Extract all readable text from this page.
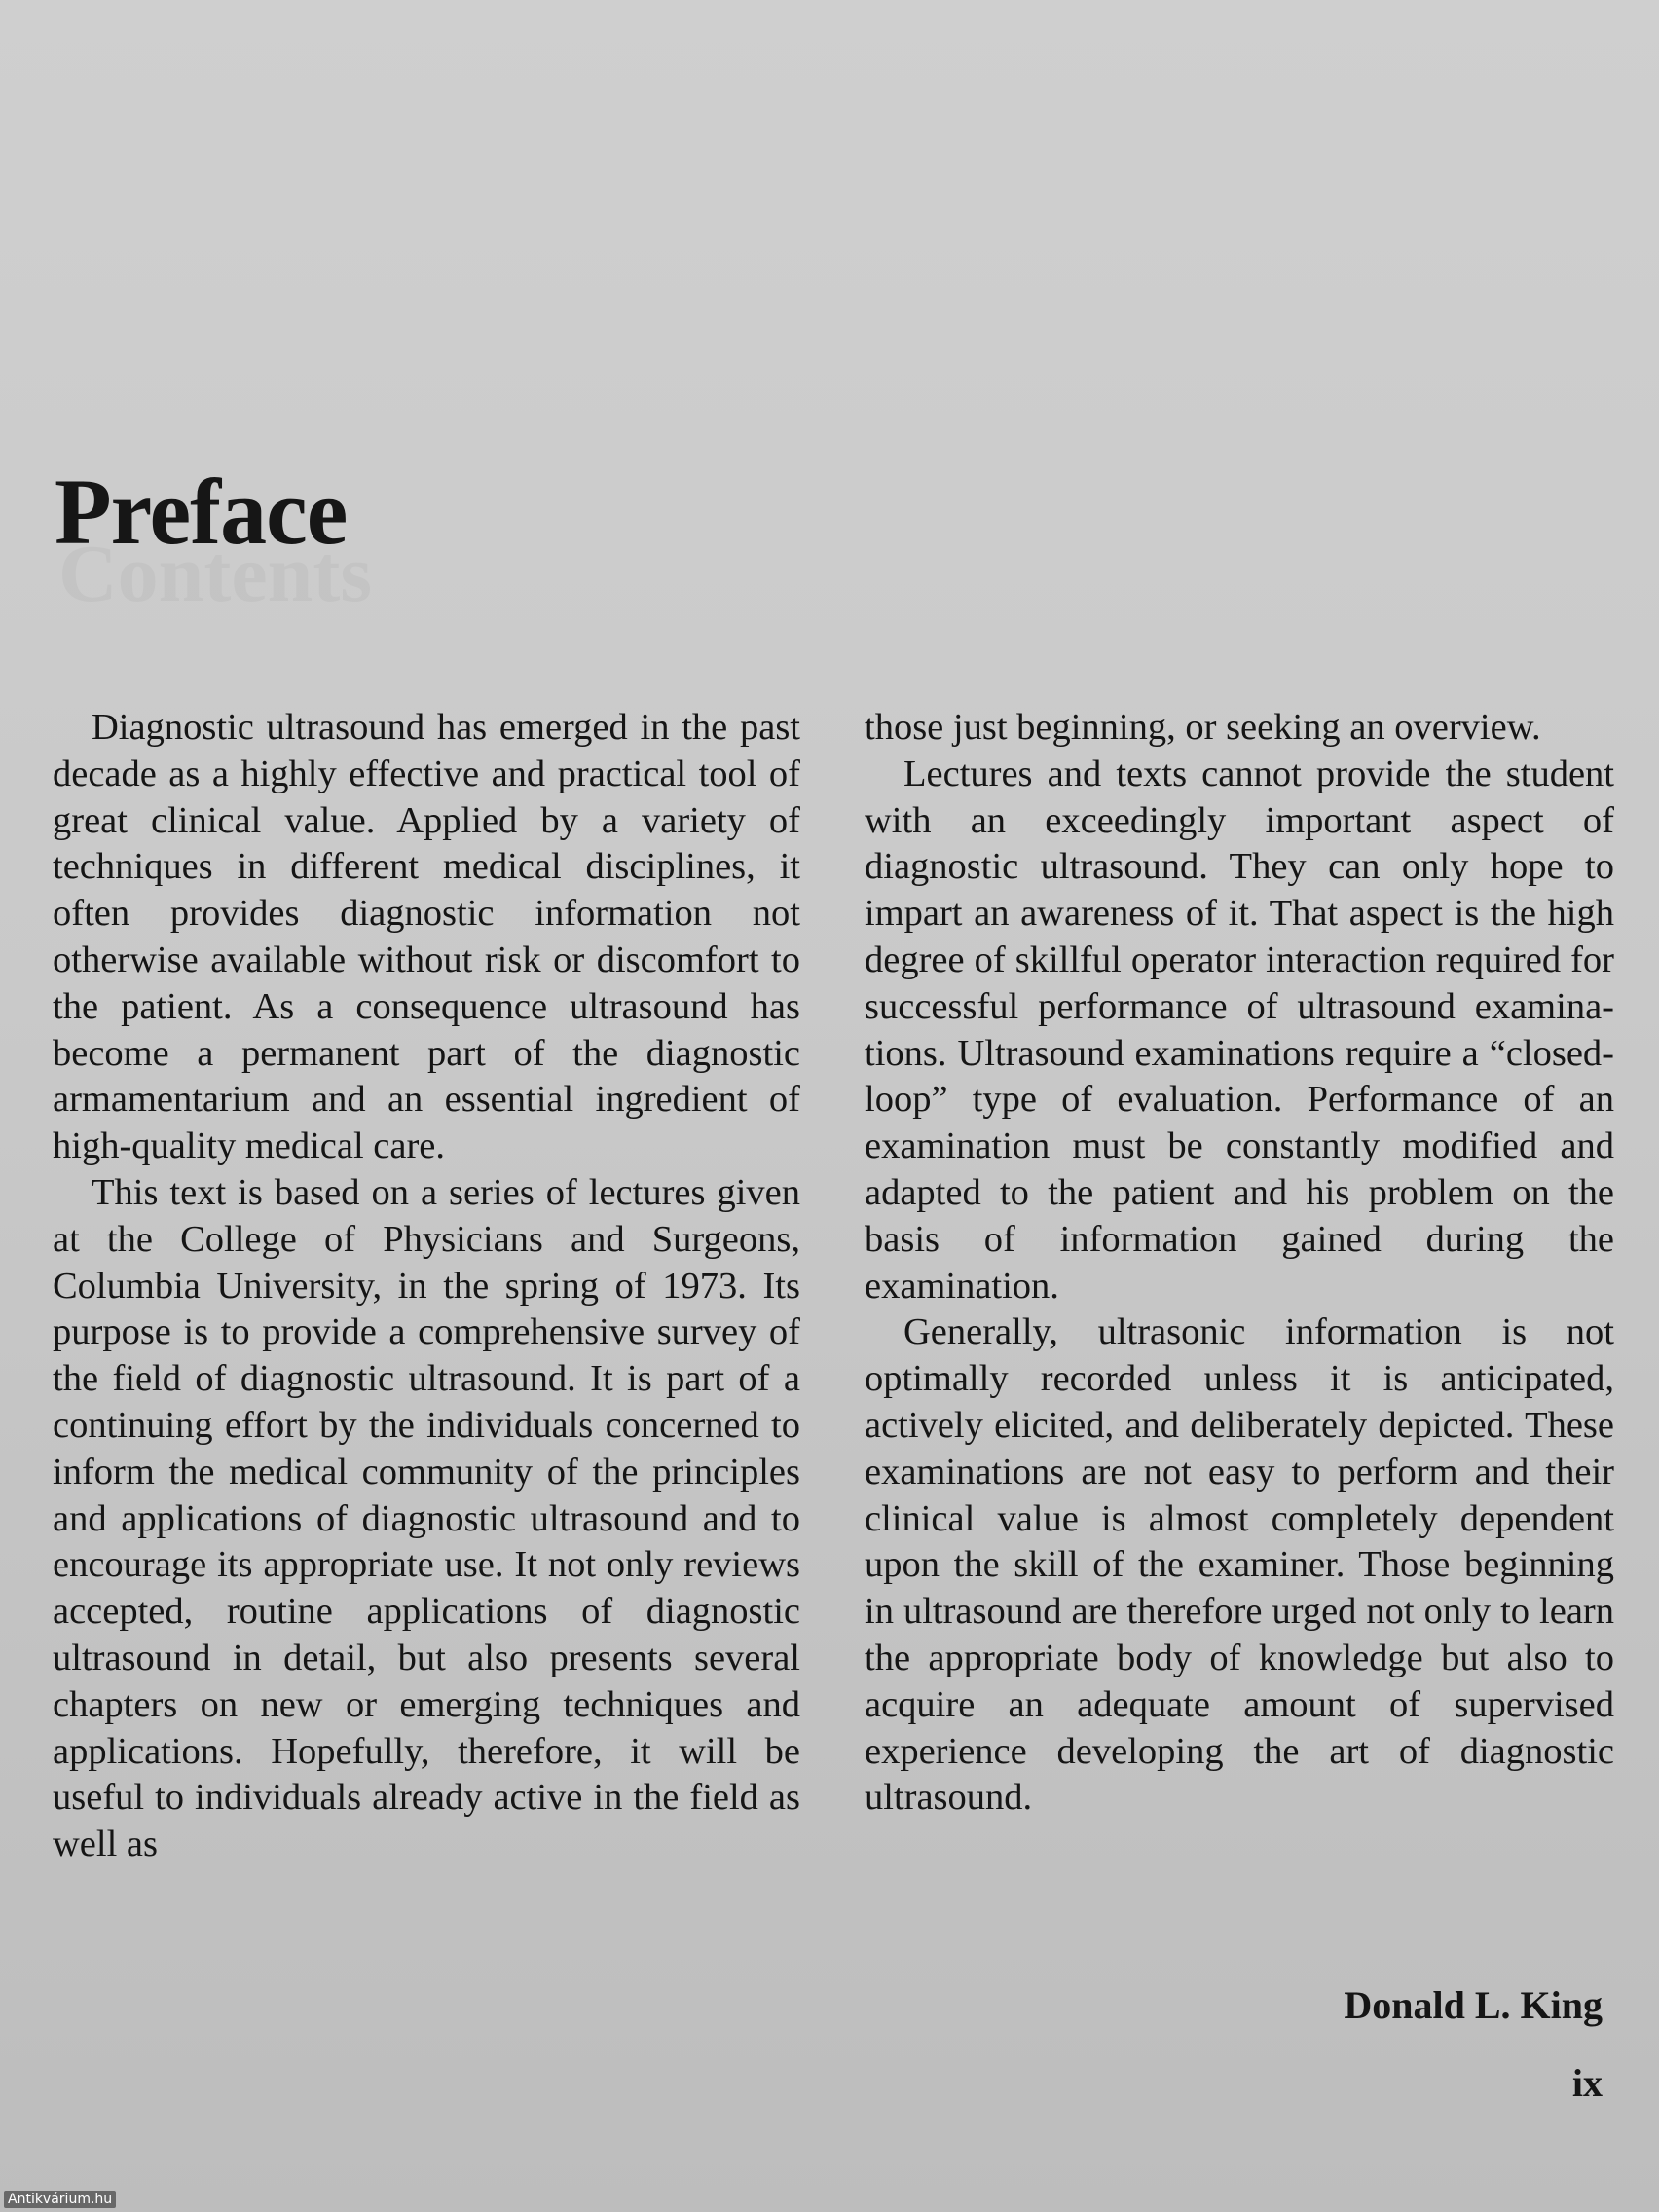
Preface

Diagnostic ultrasound has emerged in the past decade as a highly effective and practical tool of great clinical value. Applied by a variety of techniques in different medical disciplines, it often provides diagnostic information not otherwise available without risk or discomfort to the patient. As a consequence ultrasound has become a permanent part of the diagnostic armamentarium and an essential ingredient of high-quality medical care.

This text is based on a series of lectures given at the College of Physicians and Surgeons, Columbia University, in the spring of 1973. Its purpose is to provide a comprehensive survey of the field of diagnostic ultrasound. It is part of a continuing effort by the individuals concerned to inform the medical community of the principles and applications of diagnostic ultrasound and to encourage its appropriate use. It not only reviews accepted, routine applications of diagnostic ultrasound in detail, but also presents several chapters on new or emerging techniques and applications. Hopefully, therefore, it will be useful to individuals already active in the field as well as

those just beginning, or seeking an overview.

Lectures and texts cannot provide the student with an exceedingly important aspect of diagnostic ultrasound. They can only hope to impart an awareness of it. That aspect is the high degree of skillful operator interaction required for successful performance of ultrasound examinations. Ultrasound examinations require a “closed-loop” type of evaluation. Performance of an examination must be constantly modified and adapted to the patient and his problem on the basis of information gained during the examination.

Generally, ultrasonic information is not optimally recorded unless it is anticipated, actively elicited, and deliberately depicted. These examinations are not easy to perform and their clinical value is almost completely dependent upon the skill of the examiner. Those beginning in ultrasound are therefore urged not only to learn the appropriate body of knowledge but also to acquire an adequate amount of supervised experience developing the art of diagnostic ultrasound.

Donald L. King
ix
Antikvárium.hu
